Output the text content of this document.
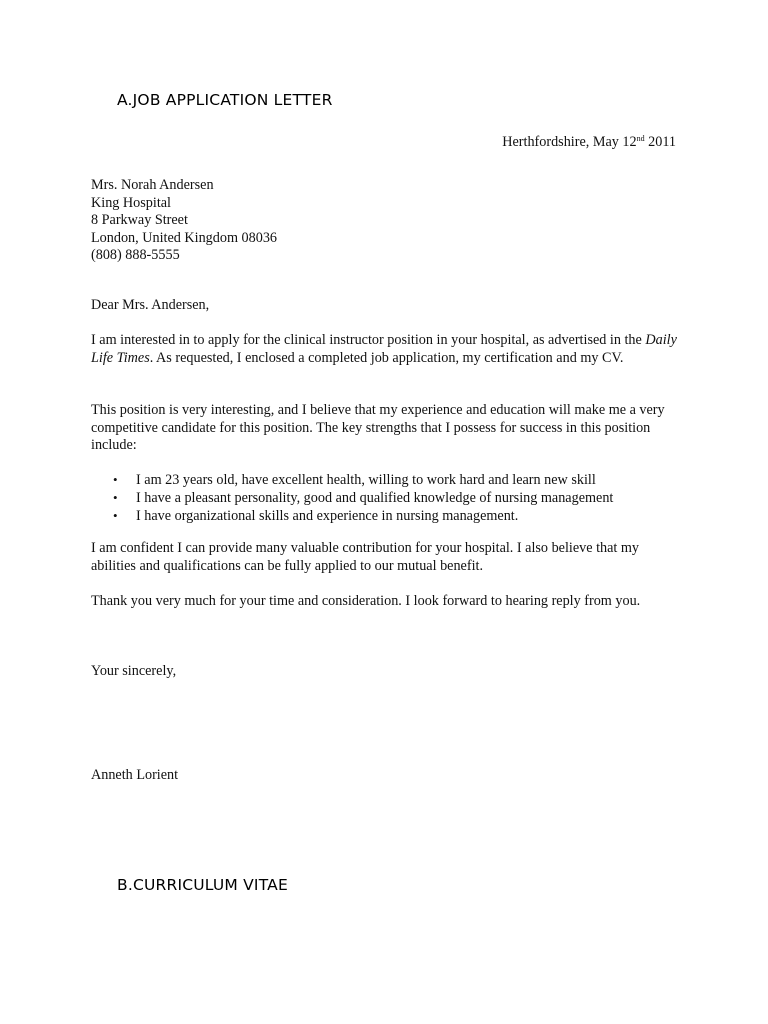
A.JOB APPLICATION LETTER
Herthfordshire, May 12nd 2011
Mrs. Norah Andersen
King Hospital
8 Parkway Street
London, United Kingdom 08036
(808) 888-5555
Dear Mrs. Andersen,
I am interested in to apply for the clinical instructor position in your hospital, as advertised in the Daily Life Times. As requested, I enclosed a completed job application, my certification and my CV.
This position is very interesting, and I believe that my experience and education will make me a very competitive candidate for this position. The key strengths that I possess for success in this position include:
• I am 23 years old, have excellent health, willing to work hard and learn new skill
• I have a pleasant personality, good and qualified knowledge of nursing management
• I have organizational skills and experience in nursing management.
I am confident I can provide many valuable contribution for your hospital. I also believe that my abilities and qualifications can be fully applied to our mutual benefit.
Thank you very much for your time and consideration. I look forward to hearing reply from you.
Your sincerely,
Anneth Lorient
B.CURRICULUM VITAE
